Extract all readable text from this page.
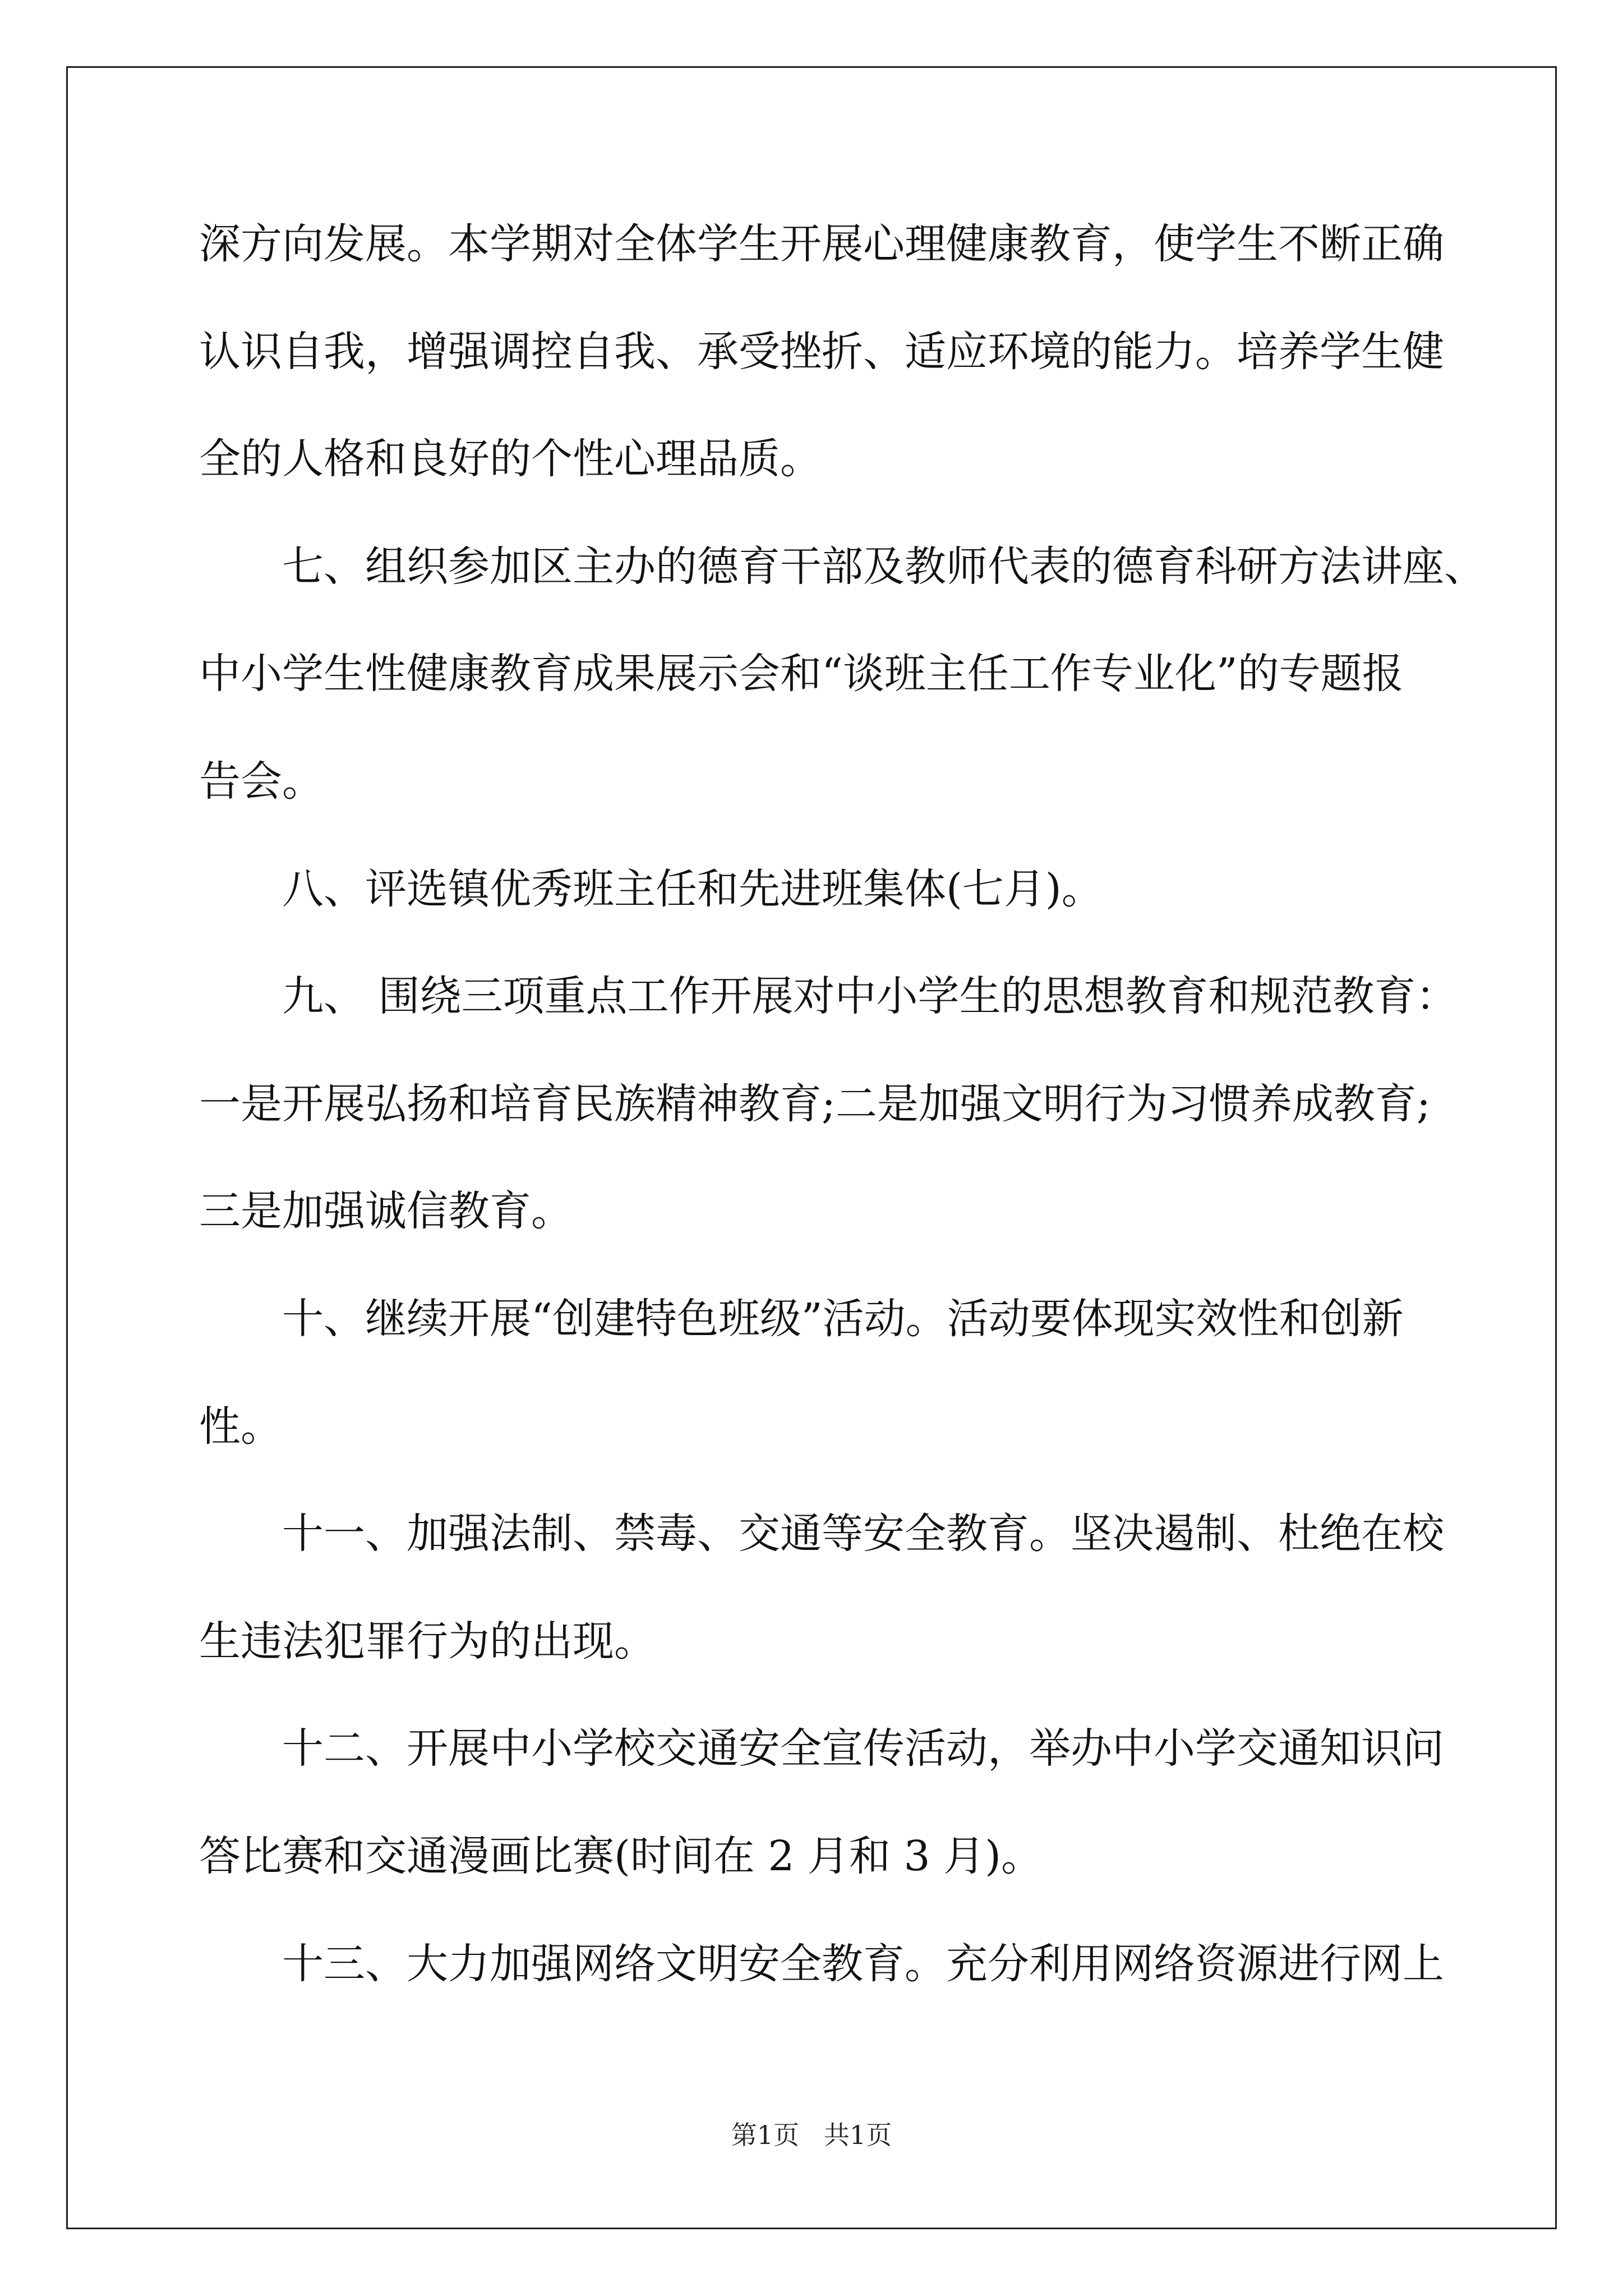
深方向发展。本学期对全体学生开展心理健康教育，使学生不断正确
认识自我，增强调控自我、承受挫折、适应环境的能力。培养学生健
全的人格和良好的个性心理品质。
　　七、组织参加区主办的德育干部及教师代表的德育科研方法讲座、
中小学生性健康教育成果展示会和“谈班主任工作专业化”的专题报
告会。
　　八、评选镇优秀班主任和先进班集体(七月)。
　　九、 围绕三项重点工作开展对中小学生的思想教育和规范教育：
一是开展弘扬和培育民族精神教育;二是加强文明行为习惯养成教育;
三是加强诚信教育。
　　十、继续开展“创建特色班级”活动。活动要体现实效性和创新
性。
　　十一、加强法制、禁毒、交通等安全教育。坚决遏制、杜绝在校
生违法犯罪行为的出现。
　　十二、开展中小学校交通安全宣传活动，举办中小学交通知识问
答比赛和交通漫画比赛(时间在 2 月和 3 月)。
　　十三、大力加强网络文明安全教育。充分利用网络资源进行网上
第1页   共1页
